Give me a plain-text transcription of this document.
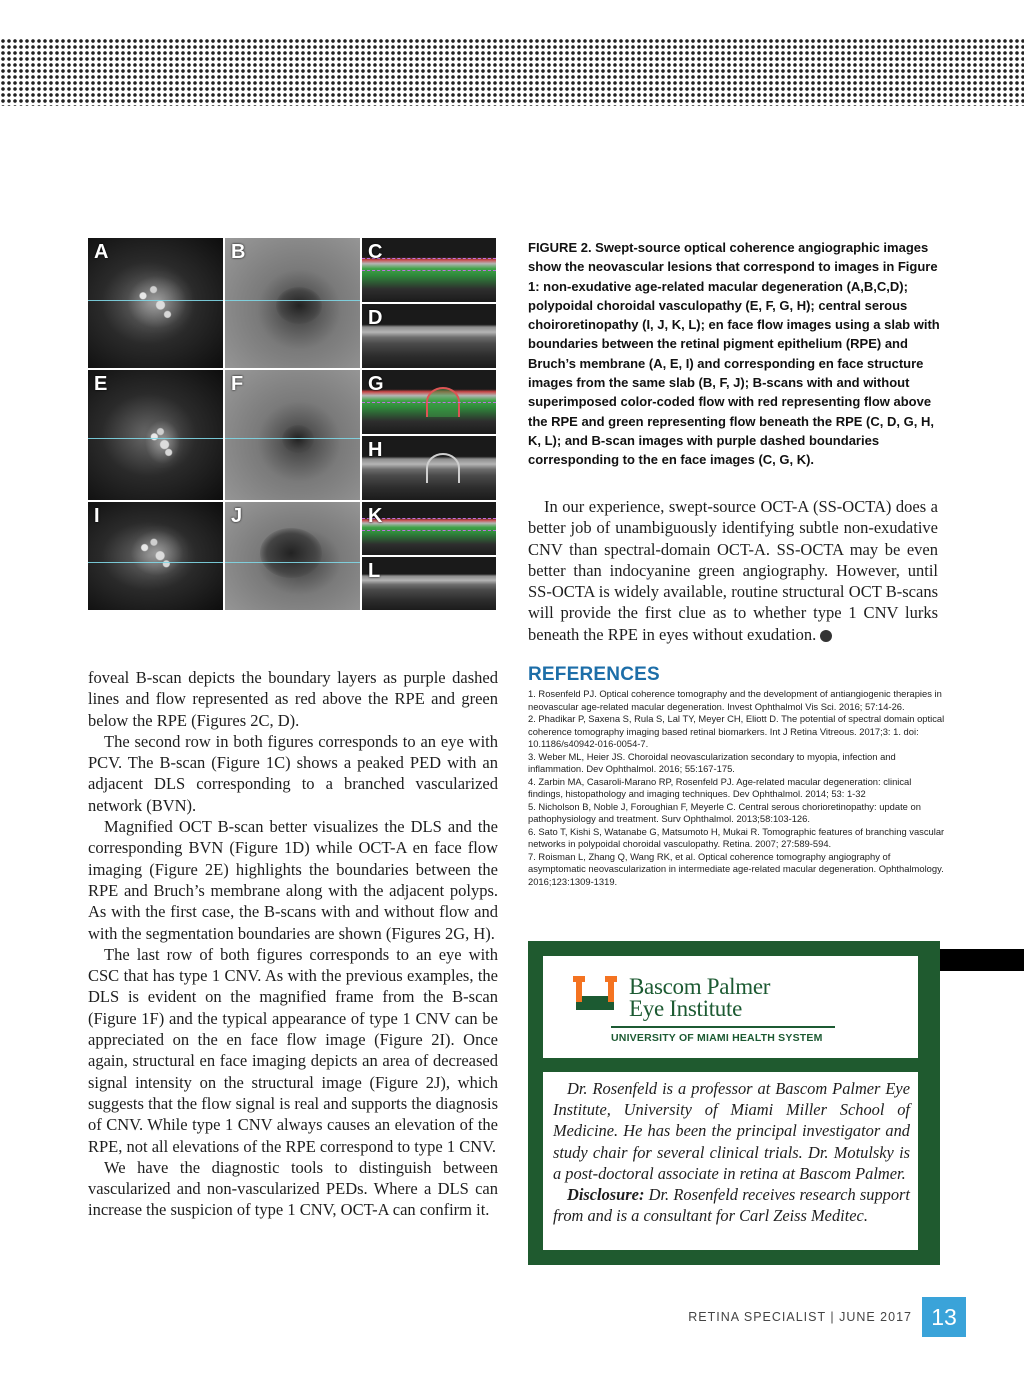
A	B	C
D
E	F	G
H
I	J	K
L
FIGURE 2. Swept-source optical coherence angiographic images show the neovascular lesions that correspond to images in Figure 1: non-exudative age-related macular degeneration (A,B,C,D); polypoidal choroidal vasculopathy (E, F, G, H); central serous choiroretinopathy (I, J, K, L); en face flow images using a slab with boundaries between the retinal pigment epithelium (RPE) and Bruch’s membrane (A, E, I) and corresponding en face structure images from the same slab (B, F, J); B-scans with and without superimposed color-coded flow with red representing flow above the RPE and green representing flow beneath the RPE (C, D, G, H, K, L); and B-scan images with purple dashed boundaries corresponding to the en face images (C, G, K).

In our experience, swept-source OCT-A (SS-OCTA) does a better job of unambiguously identifying subtle non-exudative CNV than spectral-domain OCT-A. SS-OCTA may be even better than indocyanine green angiography. However, until SS-OCTA is widely available, routine structural OCT B-scans will provide the first clue as to whether type 1 CNV lurks beneath the RPE in eyes without exudation.	RS

REFERENCES
1. Rosenfeld PJ. Optical coherence tomography and the development of antiangiogenic therapies in neovascular age-related macular degeneration. Invest Ophthalmol Vis Sci. 2016; 57:14-26.
2. Phadikar P, Saxena S, Rula S, Lal TY, Meyer CH, Eliott D. The potential of spectral domain optical coherence tomography imaging based retinal biomarkers. Int J Retina Vitreous. 2017;3: 1. doi: 10.1186/s40942-016-0054-7.
3. Weber ML, Heier JS. Choroidal neovascularization secondary to myopia, infection and inflammation. Dev Ophthalmol. 2016; 55:167-175.
4. Zarbin MA, Casaroli-Marano RP, Rosenfeld PJ. Age-related macular degeneration: clinical findings, histopathology and imaging techniques. Dev Ophthalmol. 2014; 53: 1-32
5. Nicholson B, Noble J, Foroughian F, Meyerle C. Central serous chorioretinopathy: update on pathophysiology and treatment. Surv Ophthalmol. 2013;58:103-126.
6. Sato T, Kishi S, Watanabe G, Matsumoto H, Mukai R. Tomographic features of branching vascular networks in polypoidal choroidal vasculopathy. Retina. 2007; 27:589-594.
7. Roisman L, Zhang Q, Wang RK, et al. Optical coherence tomography angiography of asymptomatic neovascularization in intermediate age-related macular degeneration. Ophthalmology. 2016;123:1309-1319.

foveal B-scan depicts the boundary layers as purple dashed lines and flow represented as red above the RPE and green below the RPE (Figures 2C, D).

The second row in both figures corresponds to an eye with PCV. The B-scan (Figure 1C) shows a peaked PED with an adjacent DLS corresponding to a branched vascularized network (BVN).

Magnified OCT B-scan better visualizes the DLS and the corresponding BVN (Figure 1D) while OCT-A en face flow imaging (Figure 2E) highlights the boundaries between the RPE and Bruch’s membrane along with the adjacent polyps. As with the first case, the B-scans with and without flow and with the segmentation boundaries are shown (Figures 2G, H).

The last row of both figures corresponds to an eye with CSC that has type 1 CNV. As with the previous examples, the DLS is evident on the magnified frame from the B-scan (Figure 1F) and the typical appearance of type 1 CNV can be appreciated on the en face flow image (Figure 2I). Once again, structural en face imaging depicts an area of decreased signal intensity on the structural image (Figure 2J), which suggests that the flow signal is real and supports the diagnosis of CNV. While type 1 CNV always causes an elevation of the RPE, not all elevations of the RPE correspond to type 1 CNV.

We have the diagnostic tools to distinguish between vascularized and non-vascularized PEDs. Where a DLS can increase the suspicion of type 1 CNV, OCT-A can confirm it.

Bascom Palmer
Eye Institute
UNIVERSITY OF MIAMI HEALTH SYSTEM

Dr. Rosenfeld is a professor at Bascom Palmer Eye Institute, University of Miami Miller School of Medicine. He has been the principal investigator and study chair for several clinical trials. Dr. Motulsky is a post-doctoral associate in retina at Bascom Palmer.

Disclosure: Dr. Rosenfeld receives research support from and is a consultant for Carl Zeiss Meditec.

RETINA SPECIALIST | JUNE 2017 13
